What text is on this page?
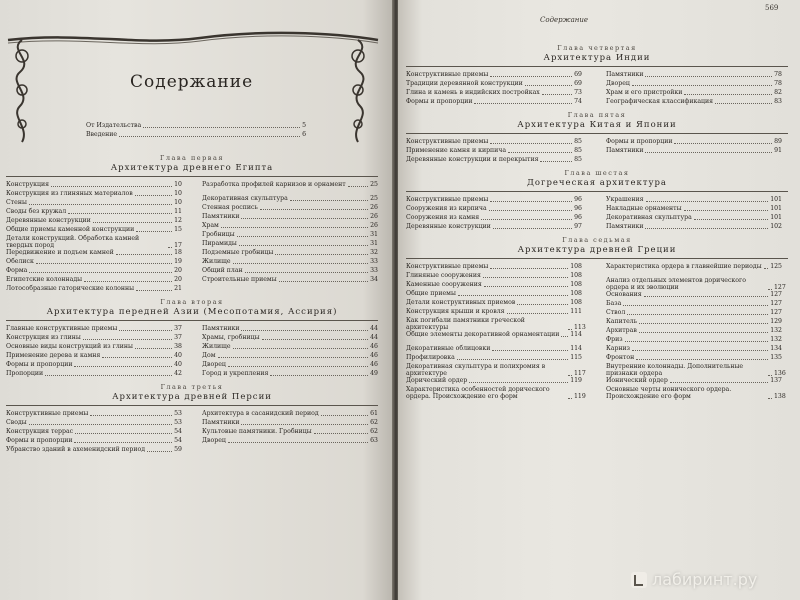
Содержание
От Издательства	5
Введение	6
Глава первая
Архитектура древнего Египта
Конструкция	10
Конструкция из глиняных материалов	10
Стены	10
Своды без кружал	11
Деревянные конструкции	12
Общие приемы каменной конструкции	15
Детали конструкций. Обработка камней твердых пород	17
Передвижение и подъем камней	18
Обелиск	19
Форма	20
Египетские колоннады	20
Лотособразные гаторические колонны	21
Разработка профилей карнизов и орнамент	25
Декоративная скульптура	25
Стенная роспись	26
Памятники	26
Храм	26
Гробницы	31
Пирамиды	31
Подземные гробницы	32
Жилище	33
Общий план	33
Строительные приемы	34
Глава вторая
Архитектура передней Азии (Месопотамия, Ассирия)
Главные конструктивные приемы	37
Конструкция из глины	37
Основные виды конструкций из глины	38
Применение дерева и камня	40
Формы и пропорции	40
Пропорции	42
Памятники	44
Храмы, гробницы	44
Жилище	46
Дом	46
Дворец	46
Город и укрепления	49
Глава третья
Архитектура древней Персии
Конструктивные приемы	53
Своды	53
Конструкция террас	54
Формы и пропорции	54
Убранство зданий в ахеменидский период	59
Архитектура в сасанидский период	61
Памятники	62
Культовые памятники. Гробницы	62
Дворец	63
Глава четвертая
Архитектура Индии
Конструктивные приемы	69
Традиции деревянной конструкции	69
Глина и камень в индийских постройках	73
Формы и пропорции	74
Памятники	78
Дворец	78
Храм и его пристройки	82
Географическая классификация	83
Глава пятая
Архитектура Китая и Японии
Конструктивные приемы	85
Применение камня и кирпича	85
Деревянные конструкции и перекрытия	85
Формы и пропорции	89
Памятники	91
Глава шестая
Догреческая архитектура
Конструктивные приемы	96
Сооружения из кирпича	96
Сооружения из камня	96
Деревянные конструкции	97
Украшения	101
Накладные орнаменты	101
Декоративная скульптура	101
Памятники	102
Глава седьмая
Архитектура древней Греции
Конструктивные приемы	108
Глиняные сооружения	108
Каменные сооружения	108
Общие приемы	108
Детали конструктивных приемов	108
Конструкция крыши и кровля	111
Как погибали памятники греческой архитектуры	113
Общие элементы декоративной орнаментации 114
Декоративные облицовки	114
Профилировка	115
Декоративная скульптура и полихромия в архитектуре	117
Дорический ордер	119
Характеристика особенностей дорического ордера. Происхождение его форм	119
Характеристика ордера в главнейшие периоды 125
Анализ отдельных элементов дорического ордера и их эволюции	127
Основания	127
База	127
Ствол	127
Капитель	129
Архитрав	132
Фриз	132
Карниз	134
Фронтон	135
Внутренние колоннады. Дополнительные признаки ордера	136
Ионический ордер	137
Основные черты ионического ордера. Происхождение его форм	138
Содержание
569
лабиринт.ру
